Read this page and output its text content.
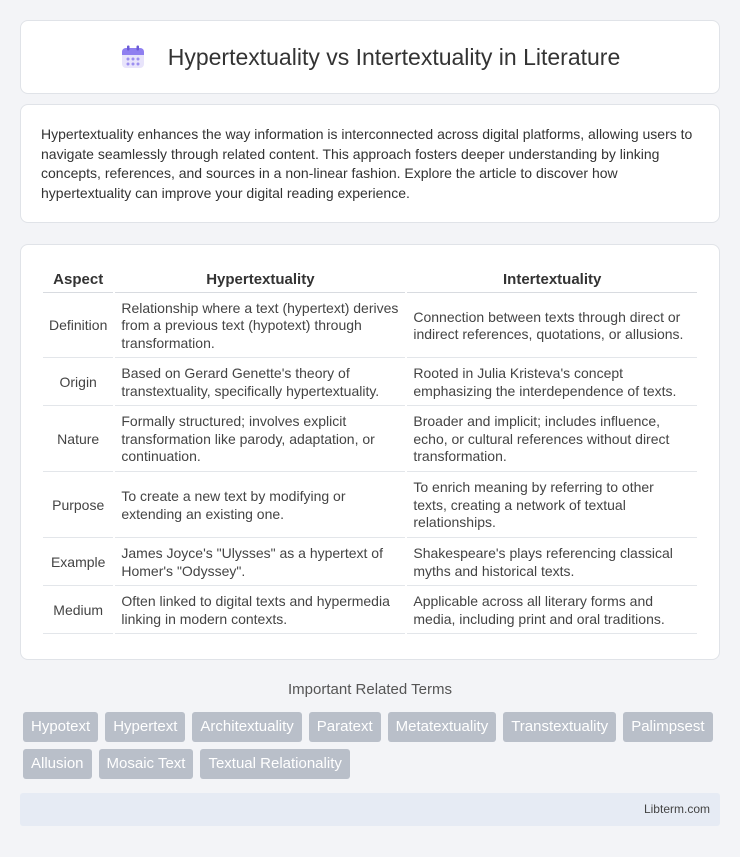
Hypertextuality vs Intertextuality in Literature

Hypertextuality enhances the way information is interconnected across digital platforms, allowing users to navigate seamlessly through related content. This approach fosters deeper understanding by linking concepts, references, and sources in a non-linear fashion. Explore the article to discover how hypertextuality can improve your digital reading experience.

Aspect	Hypertextuality	Intertextuality
Definition	Relationship where a text (hypertext) derives from a previous text (hypotext) through transformation.	Connection between texts through direct or indirect references, quotations, or allusions.
Origin	Based on Gerard Genette's theory of transtextuality, specifically hypertextuality.	Rooted in Julia Kristeva's concept emphasizing the interdependence of texts.
Nature	Formally structured; involves explicit transformation like parody, adaptation, or continuation.	Broader and implicit; includes influence, echo, or cultural references without direct transformation.
Purpose	To create a new text by modifying or extending an existing one.	To enrich meaning by referring to other texts, creating a network of textual relationships.
Example	James Joyce's "Ulysses" as a hypertext of Homer's "Odyssey".	Shakespeare's plays referencing classical myths and historical texts.
Medium	Often linked to digital texts and hypermedia linking in modern contexts.	Applicable across all literary forms and media, including print and oral traditions.
Important Related Terms
Hypotext	Hypertext	Architextuality	Paratext	Metatextuality	Transtextuality	Palimpsest
Allusion	Mosaic Text	Textual Relationality
Libterm.com
